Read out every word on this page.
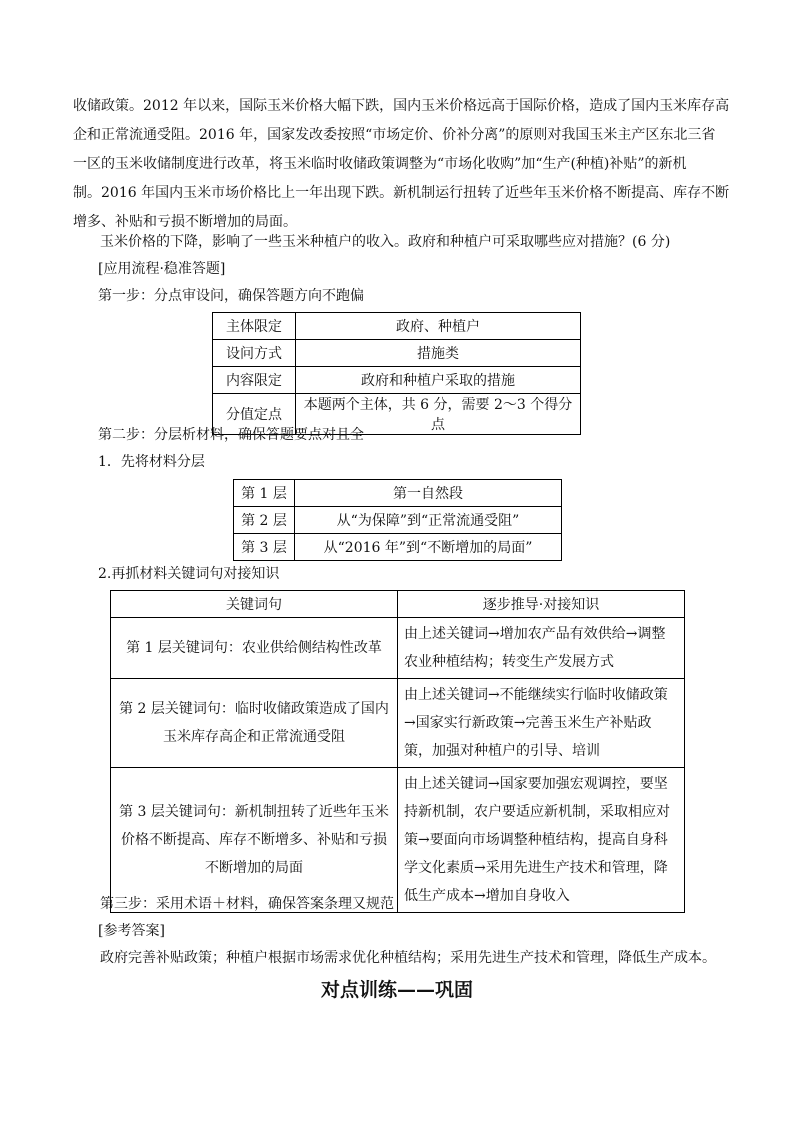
收储政策。2012 年以来，国际玉米价格大幅下跌，国内玉米价格远高于国际价格，造成了国内玉米库存高
企和正常流通受阻。2016 年，国家发改委按照“市场定价、价补分离”的原则对我国玉米主产区东北三省
一区的玉米收储制度进行改革，将玉米临时收储政策调整为“市场化收购”加“生产(种植)补贴”的新机
制。2016 年国内玉米市场价格比上一年出现下跌。新机制运行扭转了近些年玉米价格不断提高、库存不断
增多、补贴和亏损不断增加的局面。
玉米价格的下降，影响了一些玉米种植户的收入。政府和种植户可采取哪些应对措施？(6 分)
[应用流程·稳准答题]
第一步：分点审设问，确保答题方向不跑偏
主体限定	政府、种植户
设问方式	措施类
内容限定	政府和种植户采取的措施
分值定点	本题两个主体，共 6 分，需要 2～3 个得分点
第二步：分层析材料，确保答题要点对且全
1．先将材料分层
第 1 层	第一自然段
第 2 层	从“为保障”到“正常流通受阻”
第 3 层	从“2016 年”到“不断增加的局面”
2.再抓材料关键词句对接知识
关键词句	逐步推导·对接知识
第 1 层关键词句：农业供给侧结构性改革	由上述关键词→增加农产品有效供给→调整农业种植结构；转变生产发展方式
第 2 层关键词句：临时收储政策造成了国内玉米库存高企和正常流通受阻	由上述关键词→不能继续实行临时收储政策→国家实行新政策→完善玉米生产补贴政策，加强对种植户的引导、培训
第 3 层关键词句：新机制扭转了近些年玉米价格不断提高、库存不断增多、补贴和亏损不断增加的局面	由上述关键词→国家要加强宏观调控，要坚持新机制，农户要适应新机制，采取相应对策→要面向市场调整种植结构，提高自身科学文化素质→采用先进生产技术和管理，降低生产成本→增加自身收入
第三步：采用术语＋材料，确保答案条理又规范
[参考答案]
政府完善补贴政策；种植户根据市场需求优化种植结构；采用先进生产技术和管理，降低生产成本。
对点训练——巩固
